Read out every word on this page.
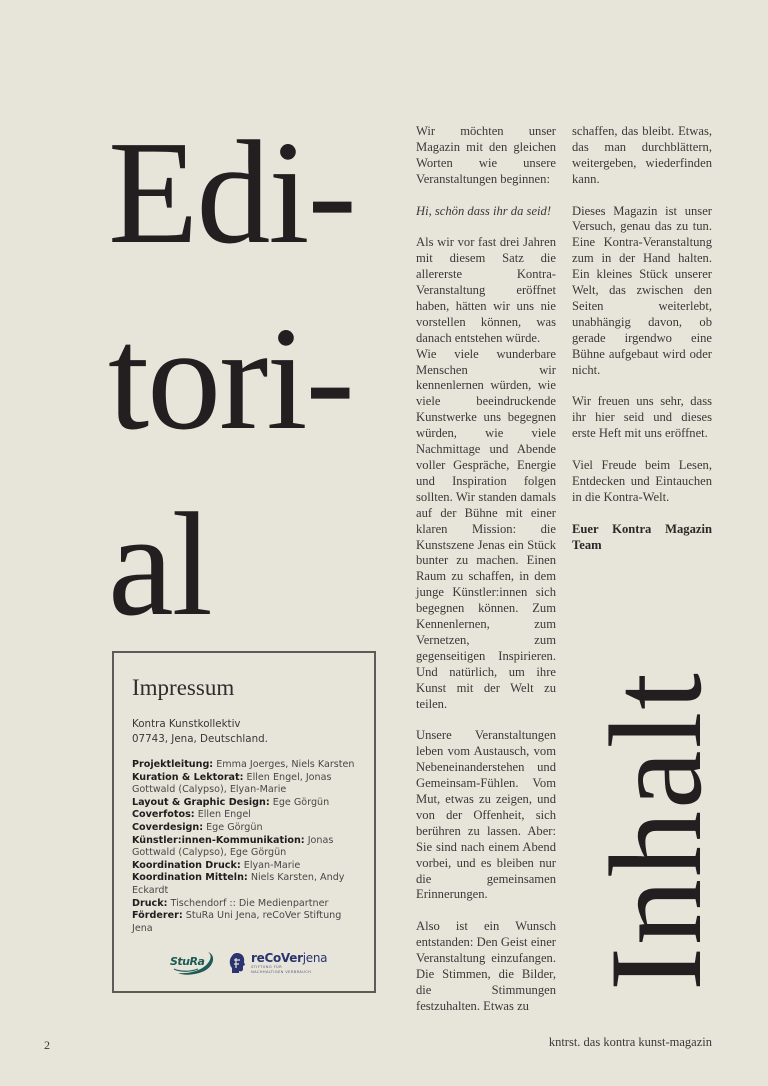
Edi-
tori-
al

Wir möchten unser Magazin mit den gleichen Worten wie unsere Veranstaltungen beginnen:

Hi, schön dass ihr da seid!

Als wir vor fast drei Jahren mit diesem Satz die allererste Kontra-Veranstaltung eröffnet haben, hätten wir uns nie vorstellen können, was danach entstehen würde.

Wie viele wunderbare Menschen wir kennenlernen würden, wie viele beeindruckende Kunstwerke uns begegnen würden, wie viele Nachmittage und Abende voller Gespräche, Energie und Inspiration folgen sollten. Wir standen damals auf der Bühne mit einer klaren Mission: die Kunstszene Jenas ein Stück bunter zu machen. Einen Raum zu schaffen, in dem junge Künstler:innen sich begegnen können. Zum Kennenlernen, zum Vernetzen, zum gegenseitigen Inspirieren. Und natürlich, um ihre Kunst mit der Welt zu teilen.

Unsere Veranstaltungen leben vom Austausch, vom Nebeneinanderstehen und Gemeinsam-Fühlen. Vom Mut, etwas zu zeigen, und von der Offenheit, sich berühren zu lassen. Aber: Sie sind nach einem Abend vorbei, und es bleiben nur die gemeinsamen Erinnerungen.

Also ist ein Wunsch entstanden: Den Geist einer Veranstaltung einzufangen. Die Stimmen, die Bilder, die Stimmungen festzuhalten. Etwas zu

schaffen, das bleibt. Etwas, das man durchblättern, weitergeben, wiederfinden kann.

Dieses Magazin ist unser Versuch, genau das zu tun. Eine Kontra-Veranstaltung zum in der Hand halten. Ein kleines Stück unserer Welt, das zwischen den Seiten weiterlebt, unabhängig davon, ob gerade irgendwo eine Bühne aufgebaut wird oder nicht.

Wir freuen uns sehr, dass ihr hier seid und dieses erste Heft mit uns eröffnet.

Viel Freude beim Lesen, Entdecken und Eintauchen in die Kontra-Welt.

Euer Kontra Magazin Team

Impressum
Kontra Kunstkollektiv
07743, Jena, Deutschland.
Projektleitung: Emma Joerges, Niels Karsten
Kuration & Lektorat: Ellen Engel, Jonas Gottwald (Calypso), Elyan-Marie
Layout & Graphic Design: Ege Görgün
Coverfotos: Ellen Engel
Coverdesign: Ege Görgün
Künstler:innen-Kommunikation: Jonas Gottwald (Calypso), Ege Görgün
Koordination Druck: Elyan-Marie
Koordination Mitteln: Niels Karsten, Andy Eckardt
Druck: Tischendorf :: Die Medienpartner
Förderer: StuRa Uni Jena, reCoVer Stiftung Jena
StuRa	reCoVerjena
STIFTUNG FÜR
NACHHALTIGEN VERBRAUCH Inhalt
2	kntrst. das kontra kunst-magazin
